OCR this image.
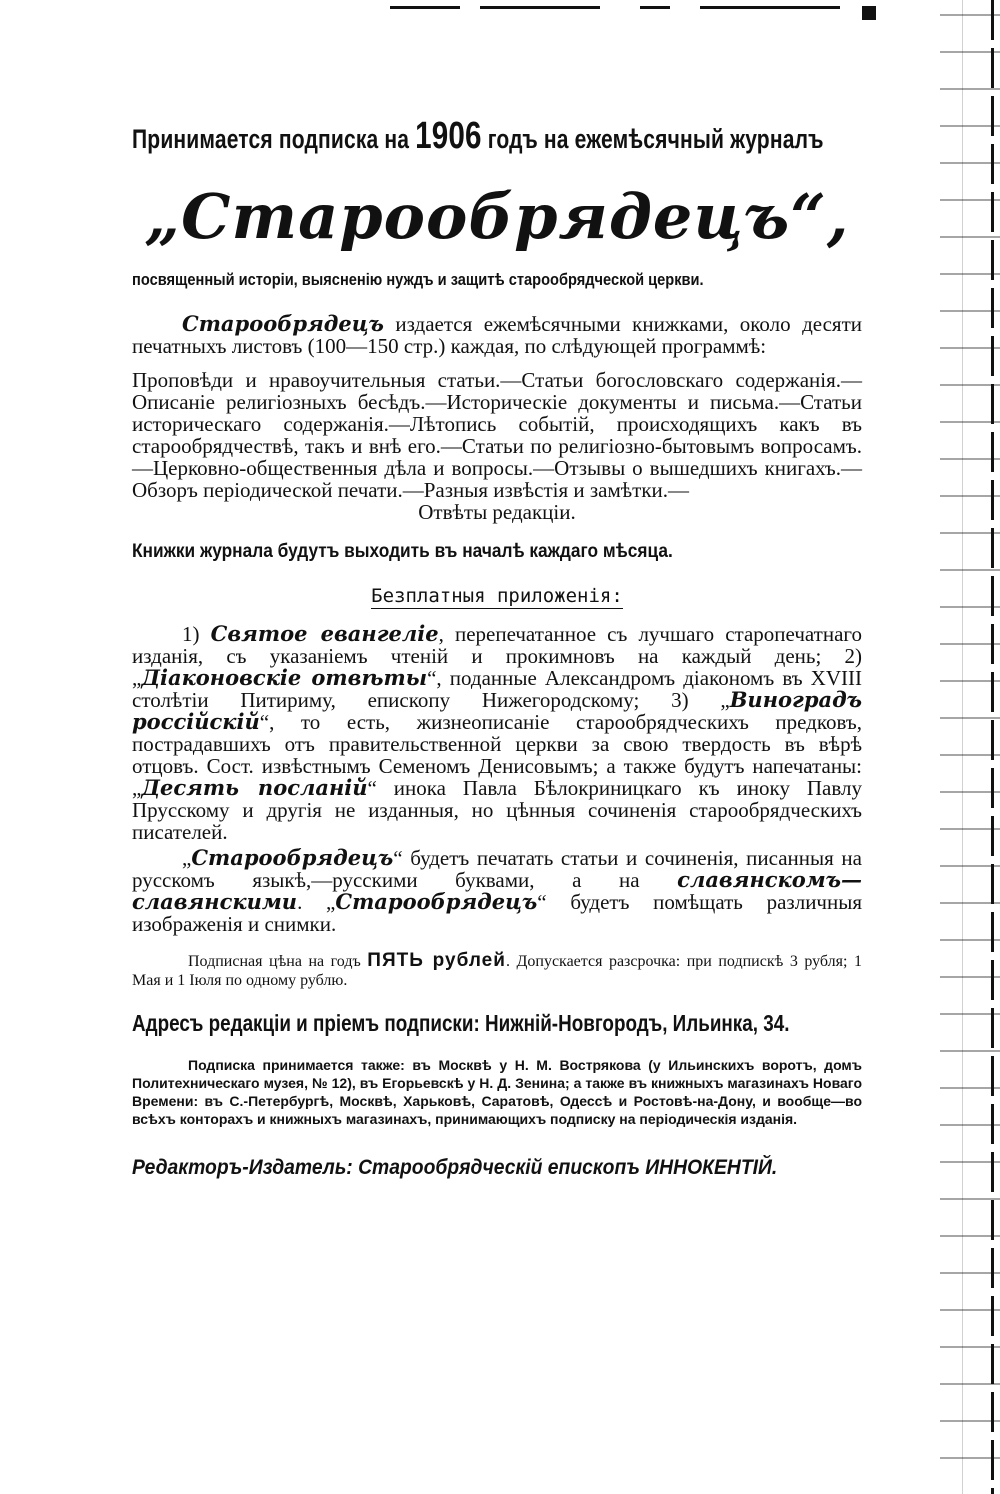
Принимается подписка на 1906 годъ на ежемѣсячный журналъ
„Старообрядецъ“,
посвященный исторіи, выясненію нуждъ и защитѣ старообрядческой церкви.

Старообрядецъ издается ежемѣсячными книжками, около десяти печатныхъ листовъ (100—150 стр.) каждая, по слѣдующей программѣ:

Проповѣди и нравоучительныя статьи.—Статьи богословскаго содержанія.—Описаніе религіозныхъ бесѣдъ.—Историческіе документы и письма.—Статьи историческаго содержанія.—Лѣтопись событій, происходящихъ какъ въ старообрядчествѣ, такъ и внѣ его.—Статьи по религіозно-бытовымъ вопросамъ.—Церковно-общественныя дѣла и вопросы.—Отзывы о вышедшихъ книгахъ.—Обзоръ періодической печати.—Разныя извѣстія и замѣтки.—

Отвѣты редакціи.

Книжки журнала будутъ выходить въ началѣ каждаго мѣсяца.
Безплатныя приложенія:

1) Святое евангеліе, перепечатанное съ лучшаго старопечатнаго изданія, съ указаніемъ чтеній и прокимновъ на каждый день; 2) „Діаконовскіе отвѣты“, поданные Александромъ діакономъ въ XVIII столѣтіи Питириму, епископу Нижегородскому; 3) „Виноградъ россійскій“, то есть, жизнеописаніе старообрядческихъ предковъ, пострадавшихъ отъ правительственной церкви за свою твердость въ вѣрѣ отцовъ. Сост. извѣстнымъ Семеномъ Денисовымъ; а также будутъ напечатаны: „Десять посланій“ инока Павла Бѣлокриницкаго къ иноку Павлу Прусскому и другія не изданныя, но цѣнныя сочиненія старообрядческихъ писателей.

„Старообрядецъ“ будетъ печатать статьи и сочиненія, писанныя на русскомъ языкѣ,—русскими буквами, а на славянскомъ—славянскими. „Старообрядецъ“ будетъ помѣщать различныя изображенія и снимки.

Подписная цѣна на годъ ПЯТЬ рублей. Допускается разсрочка: при подпискѣ 3 рубля; 1 Мая и 1 Іюля по одному рублю.

Адресъ редакціи и пріемъ подписки: Нижній-Новгородъ, Ильинка, 34.

Подписка принимается также: въ Москвѣ у Н. М. Вострякова (у Ильинскихъ воротъ, домъ Политехническаго музея, № 12), въ Егорьевскѣ у Н. Д. Зенина; а также въ книжныхъ магазинахъ Новаго Времени: въ С.-Петербургѣ, Москвѣ, Харьковѣ, Саратовѣ, Одессѣ и Ростовѣ-на-Дону, и вообще—во всѣхъ конторахъ и книжныхъ магазинахъ, принимающихъ подписку на періодическія изданія.

Редакторъ-Издатель: Старообрядческій епископъ ИННОКЕНТІЙ.
